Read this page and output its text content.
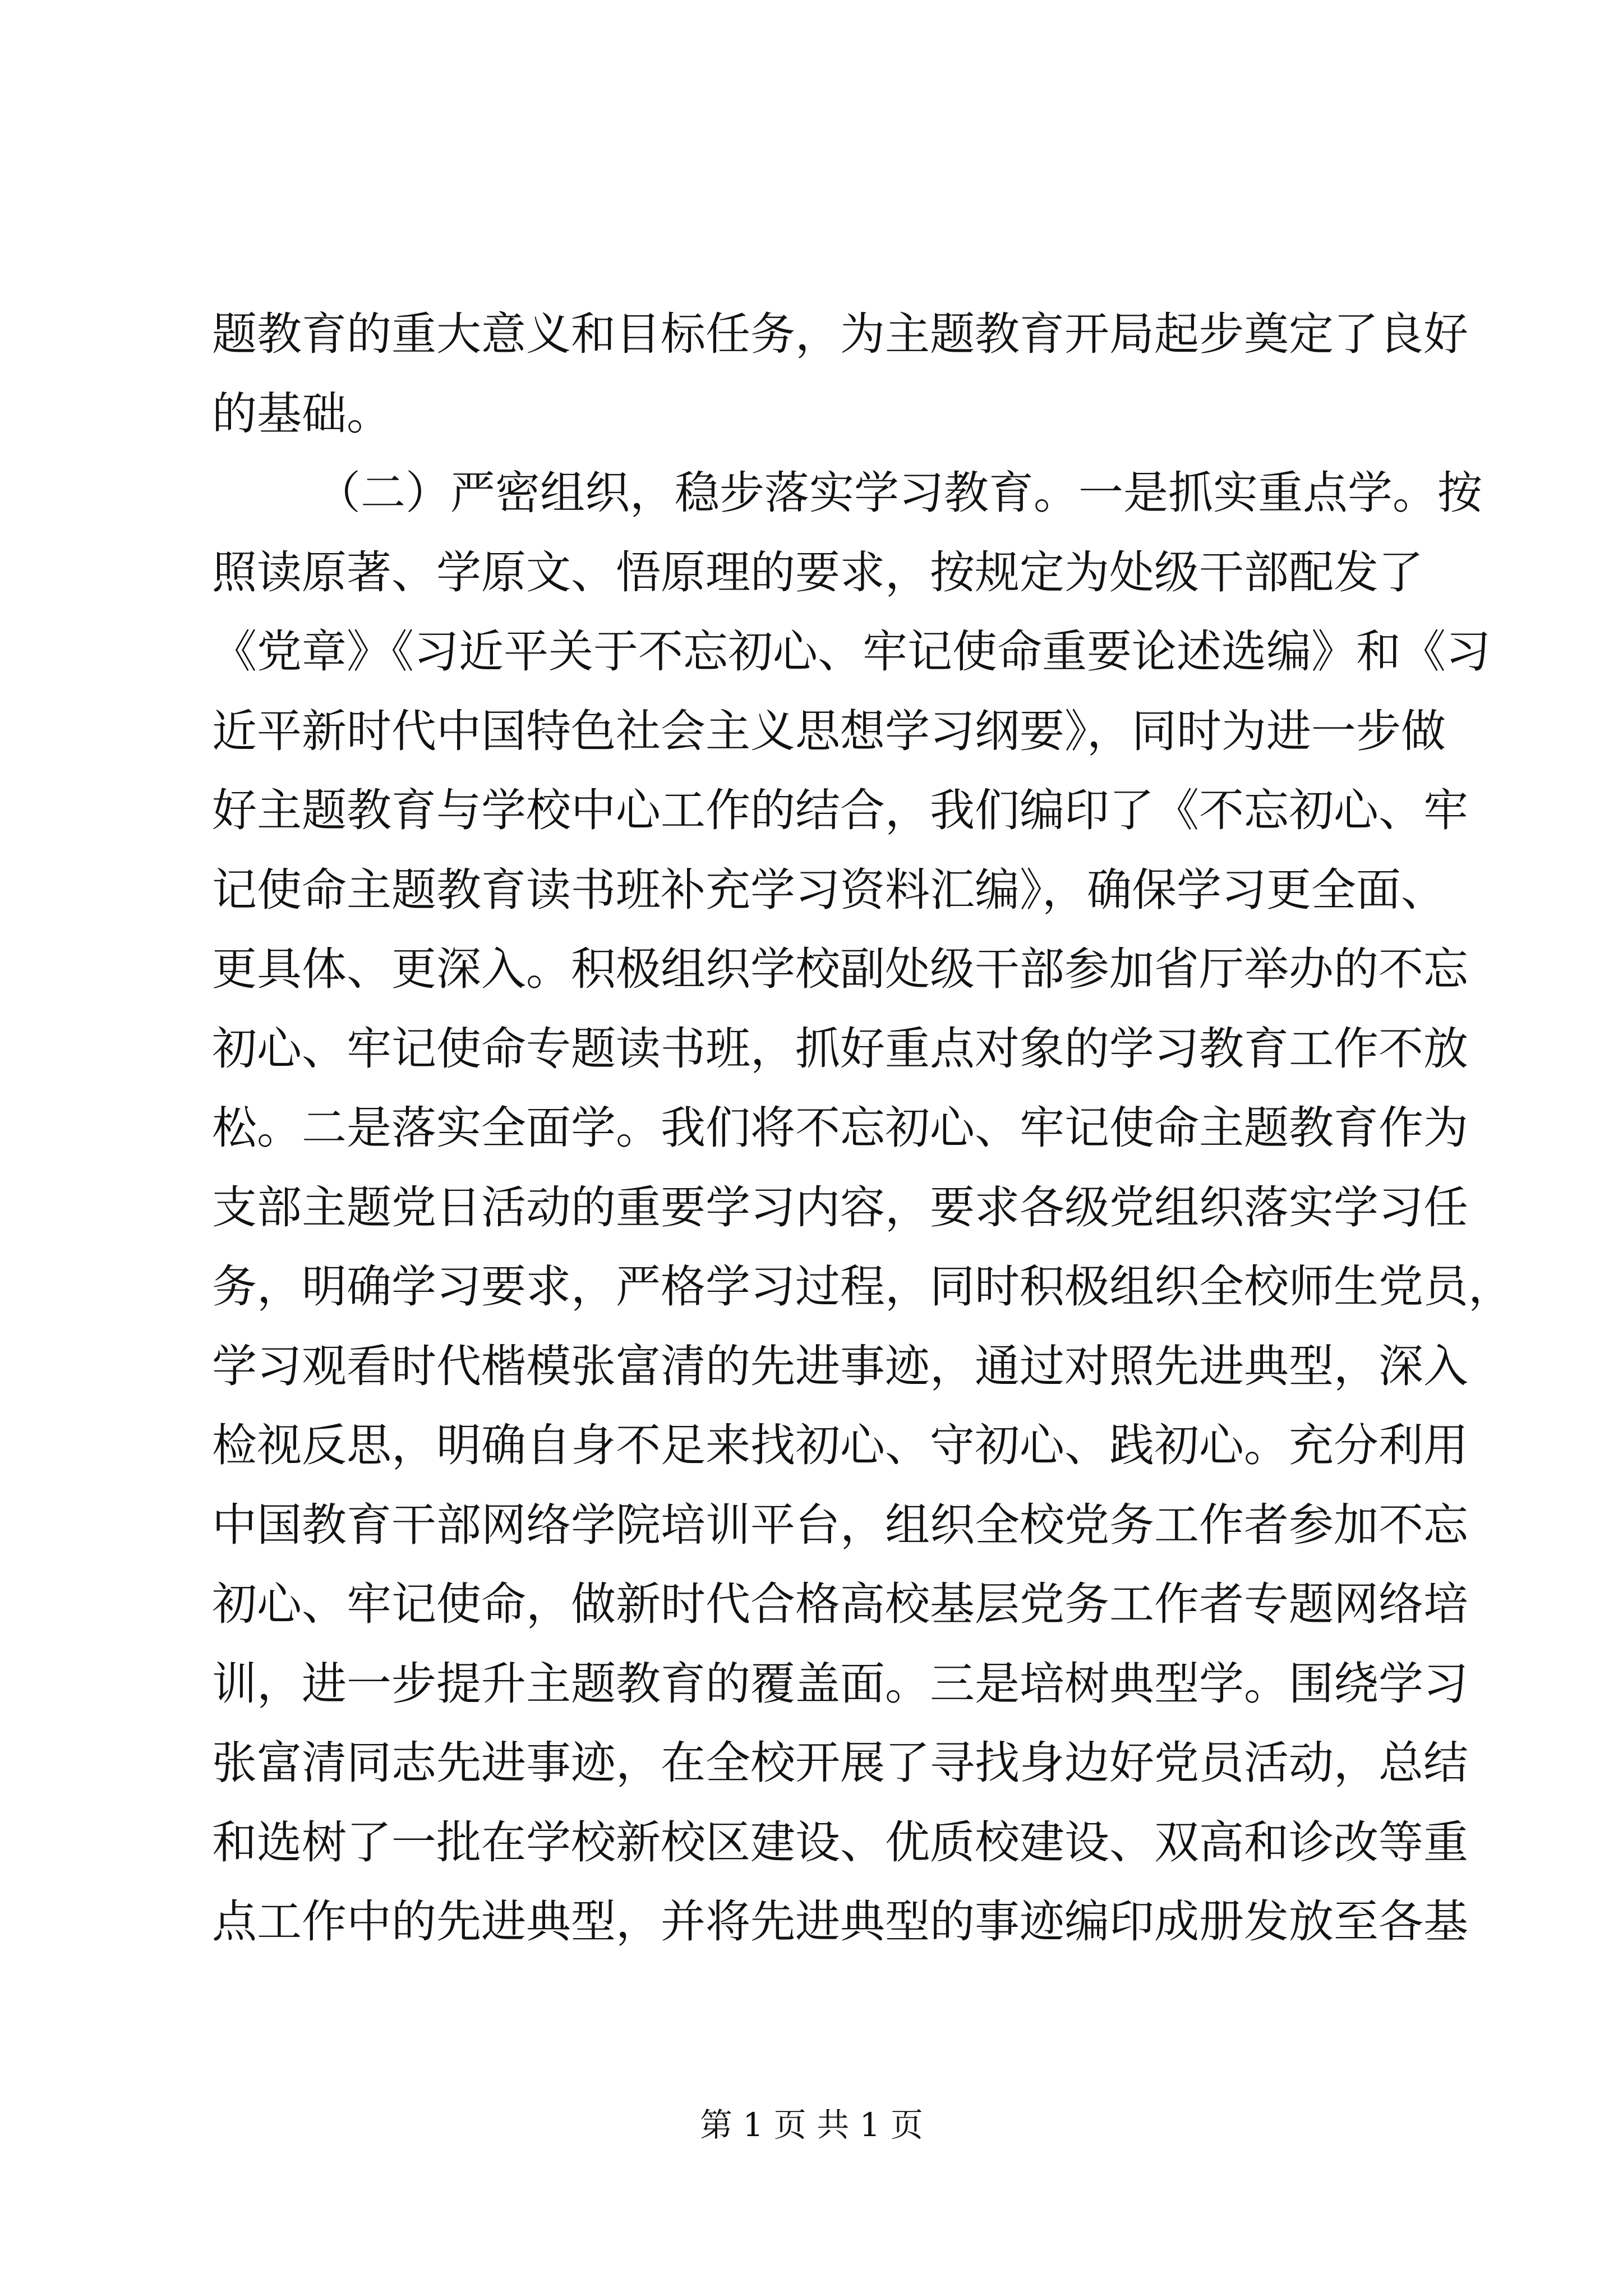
题教育的重大意义和目标任务，为主题教育开局起步奠定了良好
的基础。
（二）严密组织，稳步落实学习教育。一是抓实重点学。按
照读原著、学原文、悟原理的要求，按规定为处级干部配发了
《党章》《习近平关于不忘初心、牢记使命重要论述选编》和《习
近平新时代中国特色社会主义思想学习纲要》，同时为进一步做
好主题教育与学校中心工作的结合，我们编印了《不忘初心、牢
记使命主题教育读书班补充学习资料汇编》，确保学习更全面、
更具体、更深入。积极组织学校副处级干部参加省厅举办的不忘
初心、牢记使命专题读书班，抓好重点对象的学习教育工作不放
松。二是落实全面学。我们将不忘初心、牢记使命主题教育作为
支部主题党日活动的重要学习内容，要求各级党组织落实学习任
务，明确学习要求，严格学习过程，同时积极组织全校师生党员，
学习观看时代楷模张富清的先进事迹，通过对照先进典型，深入
检视反思，明确自身不足来找初心、守初心、践初心。充分利用
中国教育干部网络学院培训平台，组织全校党务工作者参加不忘
初心、牢记使命，做新时代合格高校基层党务工作者专题网络培
训，进一步提升主题教育的覆盖面。三是培树典型学。围绕学习
张富清同志先进事迹，在全校开展了寻找身边好党员活动，总结
和选树了一批在学校新校区建设、优质校建设、双高和诊改等重
点工作中的先进典型，并将先进典型的事迹编印成册发放至各基
第 1 页 共 1 页
